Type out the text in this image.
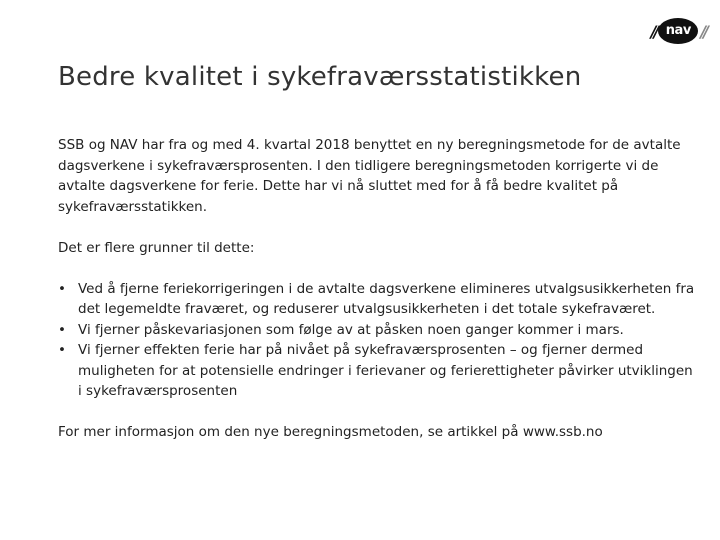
// nav //
Bedre kvalitet i sykefraværsstatistikken

SSB og NAV har fra og med 4. kvartal 2018 benyttet en ny beregningsmetode for de avtalte dagsverkene i sykefraværsprosenten. I den tidligere beregningsmetoden korrigerte vi de avtalte dagsverkene for ferie. Dette har vi nå sluttet med for å få bedre kvalitet på sykefraværsstatikken.

Det er flere grunner til dette:

• Ved å fjerne feriekorrigeringen i de avtalte dagsverkene elimineres utvalgsusikkerheten fra det legemeldte fraværet, og reduserer utvalgsusikkerheten i det totale sykefraværet.
• Vi fjerner påskevariasjonen som følge av at påsken noen ganger kommer i mars.
• Vi fjerner effekten ferie har på nivået på sykefraværsprosenten – og fjerner dermed muligheten for at potensielle endringer i ferievaner og ferierettigheter påvirker utviklingen i sykefraværsprosenten

For mer informasjon om den nye beregningsmetoden, se artikkel på www.ssb.no
